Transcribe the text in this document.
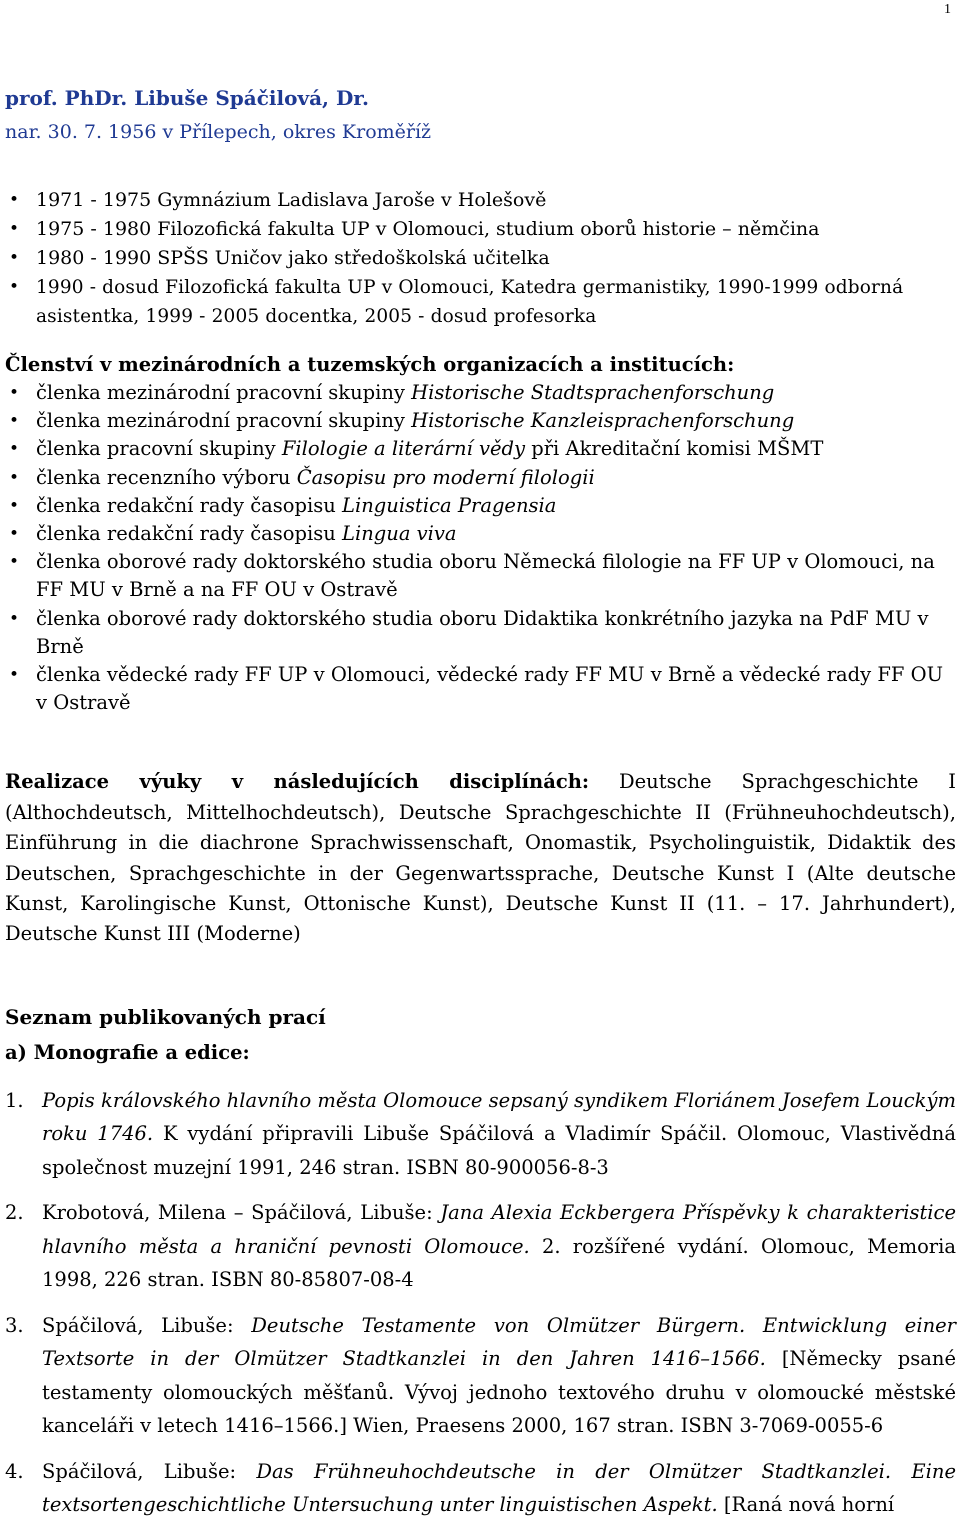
1

prof. PhDr. Libuše Spáčilová, Dr.

nar. 30. 7. 1956 v Přílepech, okres Kroměříž

• 1971 - 1975 Gymnázium Ladislava Jaroše v Holešově
• 1975 - 1980 Filozofická fakulta UP v Olomouci, studium oborů historie – němčina
• 1980 - 1990 SPŠS Uničov jako středoškolská učitelka
• 1990 - dosud Filozofická fakulta UP v Olomouci, Katedra germanistiky, 1990-1999 odborná asistentka, 1999 - 2005 docentka, 2005 - dosud profesorka

Členství v mezinárodních a tuzemských organizacích a institucích:

• členka mezinárodní pracovní skupiny Historische Stadtsprachenforschung
• členka mezinárodní pracovní skupiny Historische Kanzleisprachenforschung
• členka pracovní skupiny Filologie a literární vědy při Akreditační komisi MŠMT
• členka recenzního výboru Časopisu pro moderní filologii
• členka redakční rady časopisu Linguistica Pragensia
• členka redakční rady časopisu Lingua viva
• členka oborové rady doktorského studia oboru Německá filologie na FF UP v Olomouci, na FF MU v Brně a na FF OU v Ostravě
• členka oborové rady doktorského studia oboru Didaktika konkrétního jazyka na PdF MU v Brně
• členka vědecké rady FF UP v Olomouci, vědecké rady FF MU v Brně a vědecké rady FF OU v Ostravě

Realizace výuky v následujících disciplínách: Deutsche Sprachgeschichte I (Althochdeutsch, Mittelhochdeutsch), Deutsche Sprachgeschichte II (Frühneuhochdeutsch), Einführung in die diachrone Sprachwissenschaft, Onomastik, Psycholinguistik, Didaktik des Deutschen, Sprachgeschichte in der Gegenwartssprache, Deutsche Kunst I (Alte deutsche Kunst, Karolingische Kunst, Ottonische Kunst), Deutsche Kunst II (11. – 17. Jahrhundert), Deutsche Kunst III (Moderne)

Seznam publikovaných prací

a) Monografie a edice:

1. Popis královského hlavního města Olomouce sepsaný syndikem Floriánem Josefem Louckým roku 1746. K vydání připravili Libuše Spáčilová a Vladimír Spáčil. Olomouc, Vlastivědná společnost muzejní 1991, 246 stran. ISBN 80-900056-8-3
2. Krobotová, Milena – Spáčilová, Libuše: Jana Alexia Eckbergera Příspěvky k charakteristice hlavního města a hraniční pevnosti Olomouce. 2. rozšířené vydání. Olomouc, Memoria 1998, 226 stran. ISBN 80-85807-08-4
3. Spáčilová, Libuše: Deutsche Testamente von Olmützer Bürgern. Entwicklung einer Textsorte in der Olmützer Stadtkanzlei in den Jahren 1416–1566. [Německy psané testamenty olomouckých měšťanů. Vývoj jednoho textového druhu v olomoucké městské kanceláři v letech 1416–1566.] Wien, Praesens 2000, 167 stran. ISBN 3-7069-0055-6
4. Spáčilová, Libuše: Das Frühneuhochdeutsche in der Olmützer Stadtkanzlei. Eine textsortengeschichtliche Untersuchung unter linguistischen Aspekt. [Raná nová horní
